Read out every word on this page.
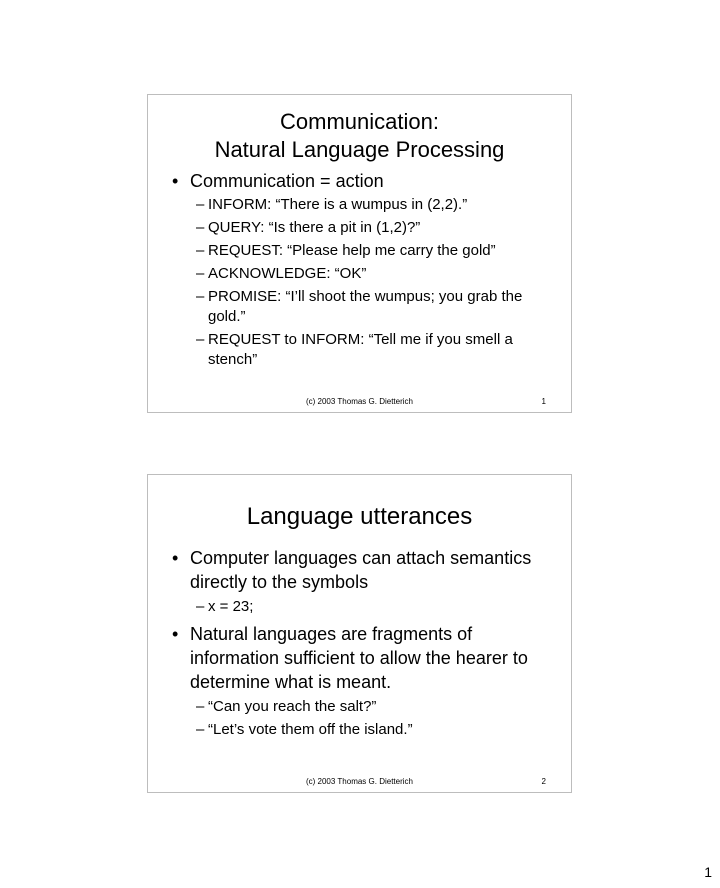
Communication:
Natural Language Processing
• Communication = action
– INFORM: “There is a wumpus in (2,2).”
– QUERY: “Is there a pit in (1,2)?”
– REQUEST: “Please help me carry the gold”
– ACKNOWLEDGE: “OK”
– PROMISE: “I’ll shoot the wumpus; you grab the gold.”
– REQUEST to INFORM: “Tell me if you smell a stench”
(c) 2003 Thomas G. Dietterich	1
Language utterances
• Computer languages can attach semantics directly to the symbols
– x = 23;
• Natural languages are fragments of information sufficient to allow the hearer to determine what is meant.
– “Can you reach the salt?”
– “Let’s vote them off the island.”
(c) 2003 Thomas G. Dietterich	2
1
